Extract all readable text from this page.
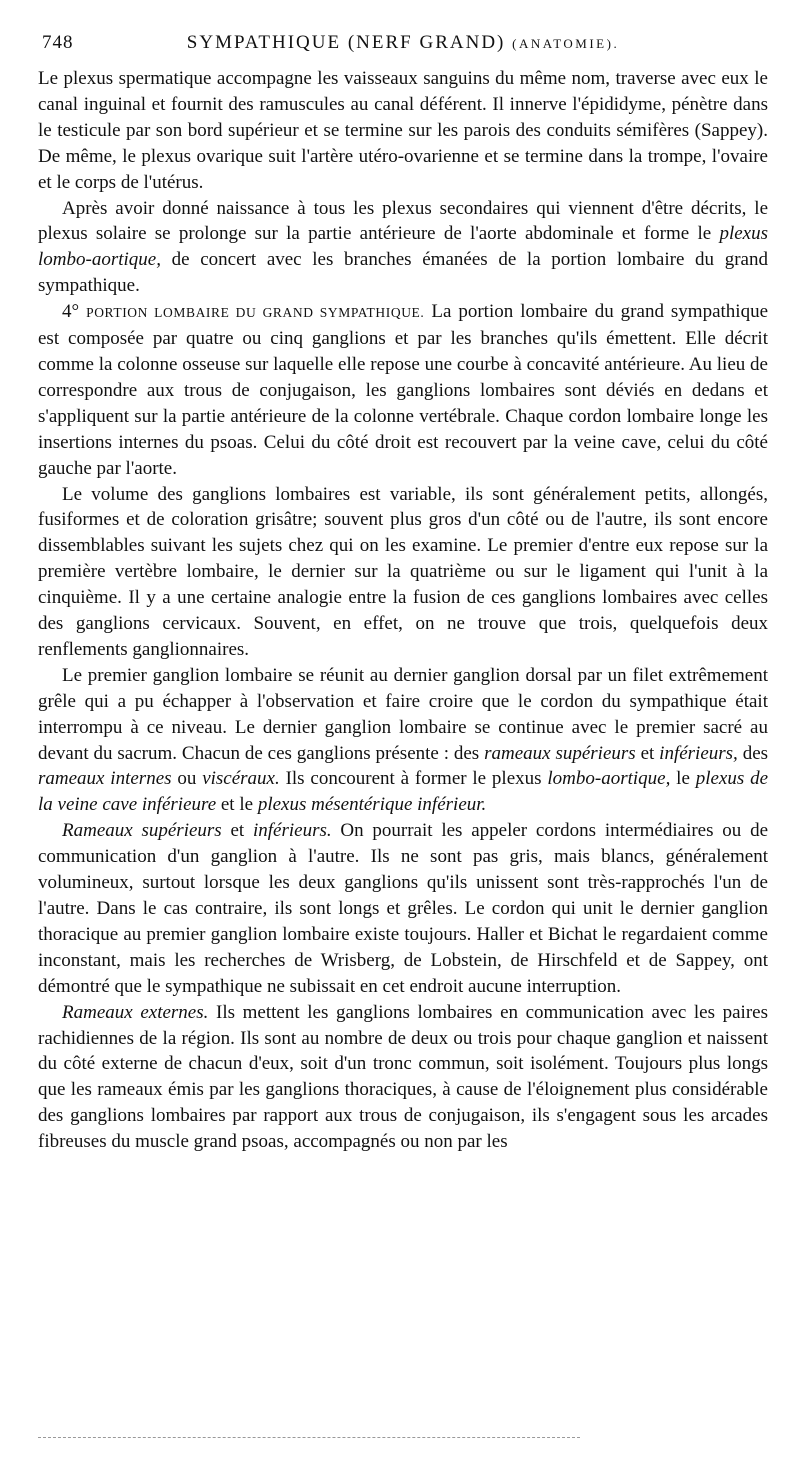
748	SYMPATHIQUE (NERF GRAND) (ANATOMIE).

Le plexus spermatique accompagne les vaisseaux sanguins du même nom, traverse avec eux le canal inguinal et fournit des ramuscules au canal déférent. Il innerve l'épididyme, pénètre dans le testicule par son bord supérieur et se termine sur les parois des conduits sémifères (Sappey). De même, le plexus ovarique suit l'artère utéro-ovarienne et se termine dans la trompe, l'ovaire et le corps de l'utérus.

Après avoir donné naissance à tous les plexus secondaires qui viennent d'être décrits, le plexus solaire se prolonge sur la partie antérieure de l'aorte abdominale et forme le plexus lombo-aortique, de concert avec les branches émanées de la portion lombaire du grand sympathique.

4° PORTION LOMBAIRE DU GRAND SYMPATHIQUE. La portion lombaire du grand sympathique est composée par quatre ou cinq ganglions et par les branches qu'ils émettent. Elle décrit comme la colonne osseuse sur laquelle elle repose une courbe à concavité antérieure. Au lieu de correspondre aux trous de conjugaison, les ganglions lombaires sont déviés en dedans et s'appliquent sur la partie antérieure de la colonne vertébrale. Chaque cordon lombaire longe les insertions internes du psoas. Celui du côté droit est recouvert par la veine cave, celui du côté gauche par l'aorte.

Le volume des ganglions lombaires est variable, ils sont généralement petits, allongés, fusiformes et de coloration grisâtre; souvent plus gros d'un côté ou de l'autre, ils sont encore dissemblables suivant les sujets chez qui on les examine. Le premier d'entre eux repose sur la première vertèbre lombaire, le dernier sur la quatrième ou sur le ligament qui l'unit à la cinquième. Il y a une certaine analogie entre la fusion de ces ganglions lombaires avec celles des ganglions cervicaux. Souvent, en effet, on ne trouve que trois, quelquefois deux renflements ganglionnaires.

Le premier ganglion lombaire se réunit au dernier ganglion dorsal par un filet extrêmement grêle qui a pu échapper à l'observation et faire croire que le cordon du sympathique était interrompu à ce niveau. Le dernier ganglion lombaire se continue avec le premier sacré au devant du sacrum. Chacun de ces ganglions présente : des rameaux supérieurs et inférieurs, des rameaux internes ou viscéraux. Ils concourent à former le plexus lombo-aortique, le plexus de la veine cave inférieure et le plexus mésentérique inférieur.

Rameaux supérieurs et inférieurs. On pourrait les appeler cordons intermédiaires ou de communication d'un ganglion à l'autre. Ils ne sont pas gris, mais blancs, généralement volumineux, surtout lorsque les deux ganglions qu'ils unissent sont très-rapprochés l'un de l'autre. Dans le cas contraire, ils sont longs et grêles. Le cordon qui unit le dernier ganglion thoracique au premier ganglion lombaire existe toujours. Haller et Bichat le regardaient comme inconstant, mais les recherches de Wrisberg, de Lobstein, de Hirschfeld et de Sappey, ont démontré que le sympathique ne subissait en cet endroit aucune interruption.

Rameaux externes. Ils mettent les ganglions lombaires en communication avec les paires rachidiennes de la région. Ils sont au nombre de deux ou trois pour chaque ganglion et naissent du côté externe de chacun d'eux, soit d'un tronc commun, soit isolément. Toujours plus longs que les rameaux émis par les ganglions thoraciques, à cause de l'éloignement plus considérable des ganglions lombaires par rapport aux trous de conjugaison, ils s'engagent sous les arcades fibreuses du muscle grand psoas, accompagnés ou non par les
